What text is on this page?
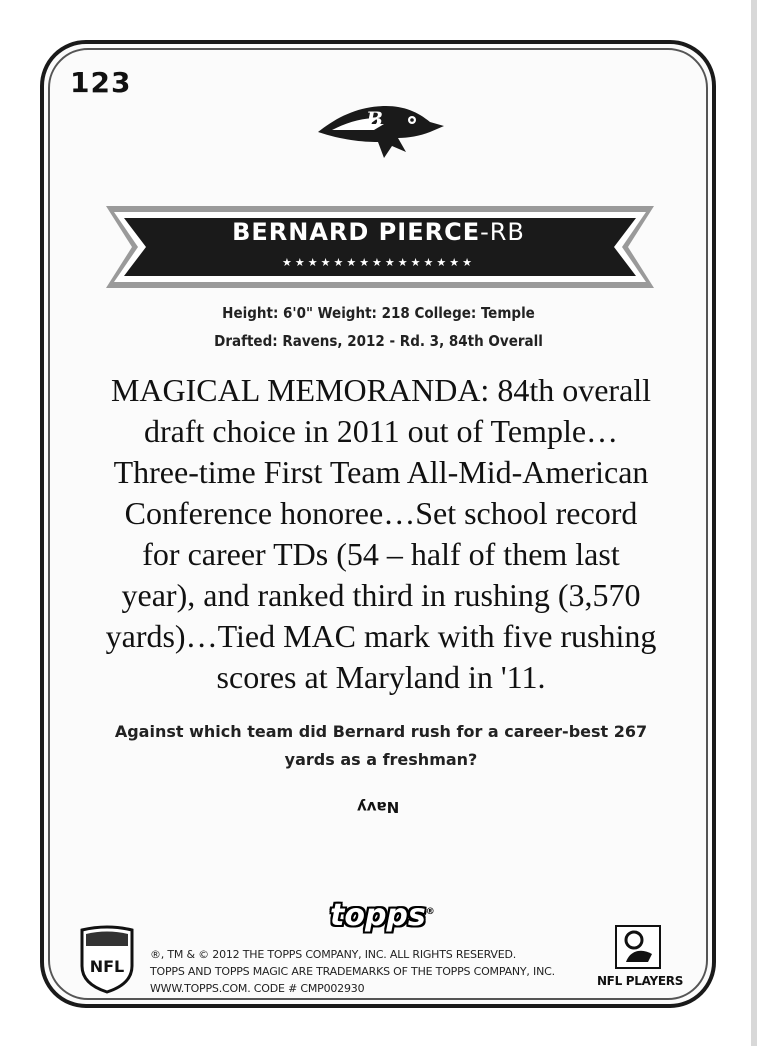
123
B
BERNARD PIERCE-RB
★★★★★★★★★★★★★★★
Height: 6'0" Weight: 218 College: Temple
Drafted: Ravens, 2012 - Rd. 3, 84th Overall
MAGICAL MEMORANDA: 84th overall
draft choice in 2011 out of Temple…
Three-time First Team All-Mid-American
Conference honoree…Set school record
for career TDs (54 – half of them last
year), and ranked third in rushing (3,570
yards)…Tied MAC mark with five rushing
scores at Maryland in '11.
Against which team did Bernard rush for a career-best 267
yards as a freshman?
Navy
NFL
topps®
®, TM & © 2012 THE TOPPS COMPANY, INC. ALL RIGHTS RESERVED.
TOPPS AND TOPPS MAGIC ARE TRADEMARKS OF THE TOPPS COMPANY, INC.
WWW.TOPPS.COM. CODE # CMP002930
NFL PLAYERS
